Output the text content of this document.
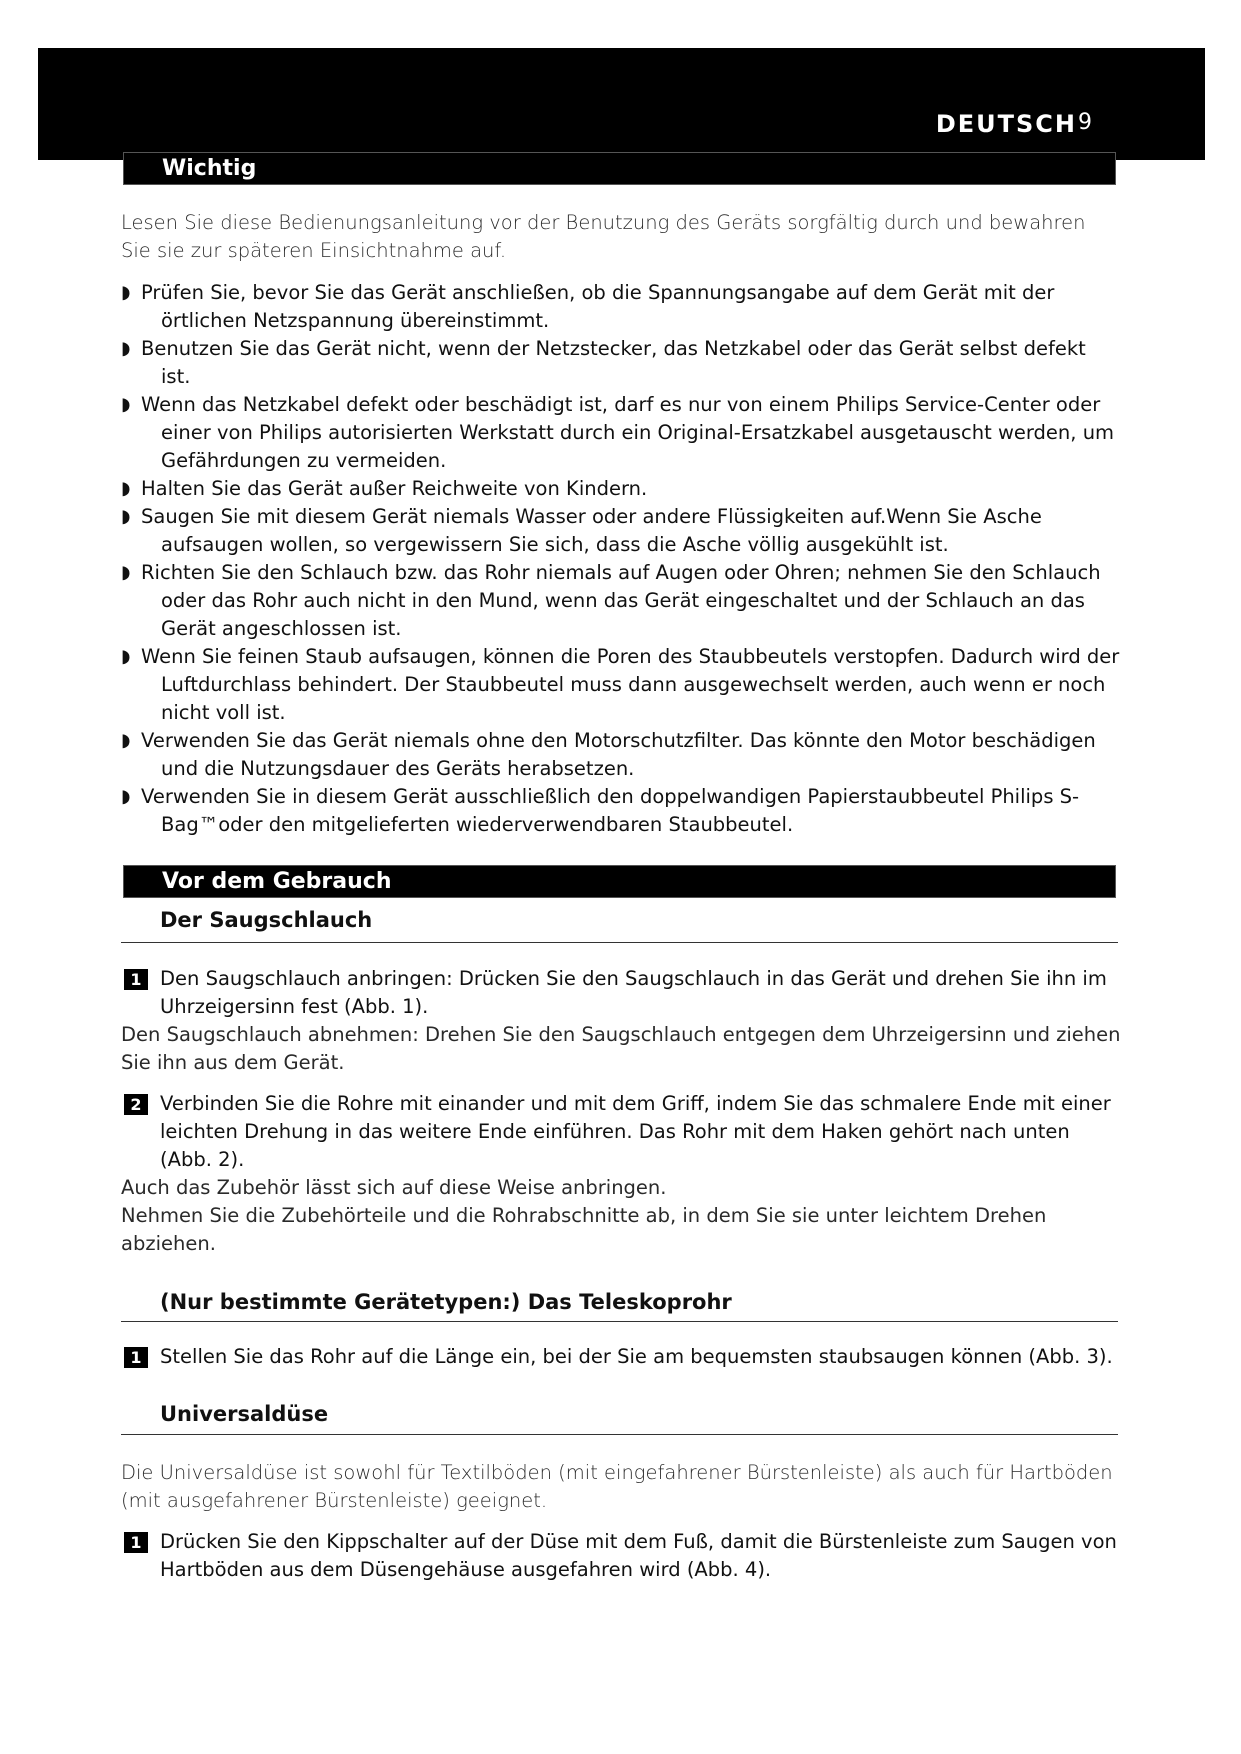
DEUTSCH 9
Wichtig
Lesen Sie diese Bedienungsanleitung vor der Benutzung des Geräts sorgfältig durch und bewahren Sie sie zur späteren Einsichtnahme auf.
◗ Prüfen Sie, bevor Sie das Gerät anschließen, ob die Spannungsangabe auf dem Gerät mit der örtlichen Netzspannung übereinstimmt.
◗ Benutzen Sie das Gerät nicht, wenn der Netzstecker, das Netzkabel oder das Gerät selbst defekt ist.
◗ Wenn das Netzkabel defekt oder beschädigt ist, darf es nur von einem Philips Service-Center oder einer von Philips autorisierten Werkstatt durch ein Original-Ersatzkabel ausgetauscht werden, um Gefährdungen zu vermeiden.
◗ Halten Sie das Gerät außer Reichweite von Kindern.
◗ Saugen Sie mit diesem Gerät niemals Wasser oder andere Flüssigkeiten auf.Wenn Sie Asche aufsaugen wollen, so vergewissern Sie sich, dass die Asche völlig ausgekühlt ist.
◗ Richten Sie den Schlauch bzw. das Rohr niemals auf Augen oder Ohren; nehmen Sie den Schlauch oder das Rohr auch nicht in den Mund, wenn das Gerät eingeschaltet und der Schlauch an das Gerät angeschlossen ist.
◗ Wenn Sie feinen Staub aufsaugen, können die Poren des Staubbeutels verstopfen. Dadurch wird der Luftdurchlass behindert. Der Staubbeutel muss dann ausgewechselt werden, auch wenn er noch nicht voll ist.
◗ Verwenden Sie das Gerät niemals ohne den Motorschutzfilter. Das könnte den Motor beschädigen und die Nutzungsdauer des Geräts herabsetzen.
◗ Verwenden Sie in diesem Gerät ausschließlich den doppelwandigen Papierstaubbeutel Philips S-Bag™oder den mitgelieferten wiederverwendbaren Staubbeutel.
Vor dem Gebrauch
Der Saugschlauch
1 Den Saugschlauch anbringen: Drücken Sie den Saugschlauch in das Gerät und drehen Sie ihn im Uhrzeigersinn fest (Abb. 1).
Den Saugschlauch abnehmen: Drehen Sie den Saugschlauch entgegen dem Uhrzeigersinn und ziehen Sie ihn aus dem Gerät.
2 Verbinden Sie die Rohre mit einander und mit dem Griff, indem Sie das schmalere Ende mit einer leichten Drehung in das weitere Ende einführen. Das Rohr mit dem Haken gehört nach unten (Abb. 2).
Auch das Zubehör lässt sich auf diese Weise anbringen.
Nehmen Sie die Zubehörteile und die Rohrabschnitte ab, in dem Sie sie unter leichtem Drehen abziehen.
(Nur bestimmte Gerätetypen:) Das Teleskoprohr
1 Stellen Sie das Rohr auf die Länge ein, bei der Sie am bequemsten staubsaugen können (Abb. 3).
Universaldüse
Die Universaldüse ist sowohl für Textilböden (mit eingefahrener Bürstenleiste) als auch für Hartböden (mit ausgefahrener Bürstenleiste) geeignet.
1 Drücken Sie den Kippschalter auf der Düse mit dem Fuß, damit die Bürstenleiste zum Saugen von Hartböden aus dem Düsengehäuse ausgefahren wird (Abb. 4).
